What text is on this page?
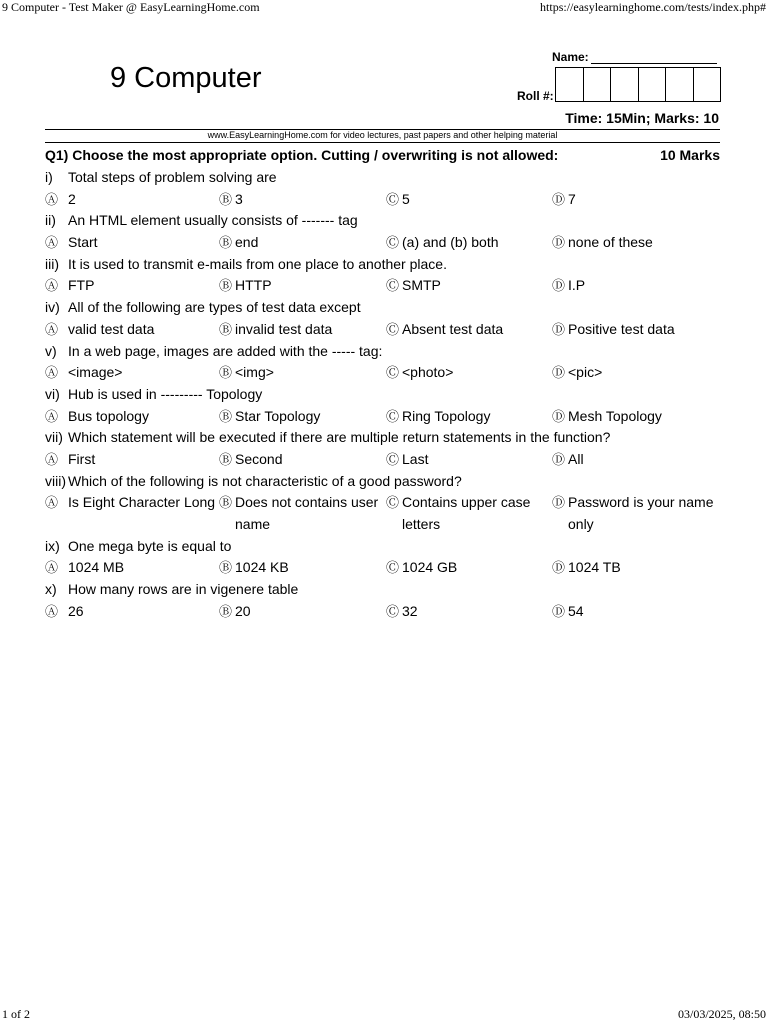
9 Computer - Test Maker @ EasyLearningHome.com	https://easylearninghome.com/tests/index.php#
9 Computer
Name:
Roll #:
Time: 15Min; Marks: 10
www.EasyLearningHome.com for video lectures, past papers and other helping material
Q1) Choose the most appropriate option. Cutting / overwriting is not allowed:	10 Marks
i) Total steps of problem solving are
Ⓐ 2	Ⓑ 3	Ⓒ 5	Ⓓ 7
ii) An HTML element usually consists of ------- tag
Ⓐ Start	Ⓑ end	Ⓒ (a) and (b) both	Ⓓ none of these
iii) It is used to transmit e-mails from one place to another place.
Ⓐ FTP	Ⓑ HTTP	Ⓒ SMTP	Ⓓ I.P
iv) All of the following are types of test data except
Ⓐ valid test data	Ⓑ invalid test data	Ⓒ Absent test data	Ⓓ Positive test data
v) In a web page, images are added with the ----- tag:
Ⓐ <image>	Ⓑ <img>	Ⓒ <photo>	Ⓓ <pic>
vi) Hub is used in --------- Topology
Ⓐ Bus topology	Ⓑ Star Topology	Ⓒ Ring Topology	Ⓓ Mesh Topology
vii) Which statement will be executed if there are multiple return statements in the function?
Ⓐ First	Ⓑ Second	Ⓒ Last	Ⓓ All
viii) Which of the following is not characteristic of a good password?
Ⓐ Is Eight Character Long Ⓑ Does not contains user name
Ⓒ Contains upper case letters
Ⓓ Password is your name only
ix) One mega byte is equal to
Ⓐ 1024 MB	Ⓑ 1024 KB	Ⓒ 1024 GB	Ⓓ 1024 TB
x) How many rows are in vigenere table
Ⓐ 26	Ⓑ 20	Ⓒ 32	Ⓓ 54
1 of 2	03/03/2025, 08:50
